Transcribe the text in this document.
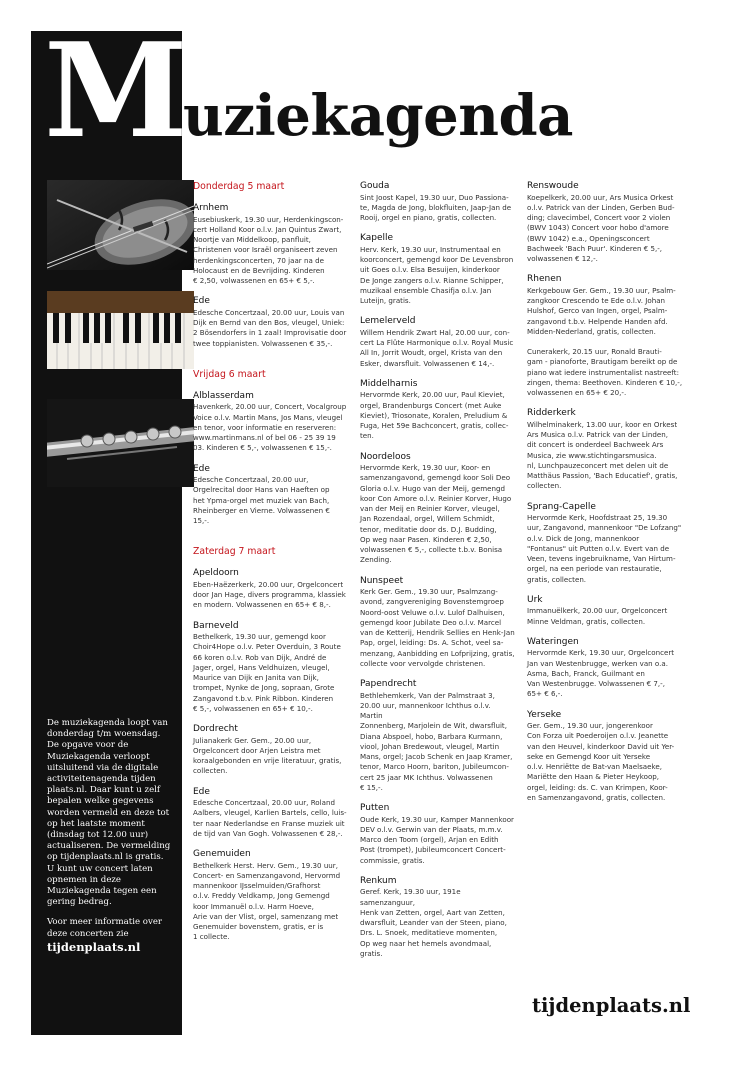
M
uziekagenda
Donderdag 5 maart
Arnhem

Eusebiuskerk, 19.30 uur, Herdenkingscon-
cert Holland Koor o.l.v. Jan Quintus Zwart,
Noortje van Middelkoop, panfluit,
Christenen voor Israël organiseert zeven
herdenkingsconcerten, 70 jaar na de
Holocaust en de Bevrijding. Kinderen
€ 2,50, volwassenen en 65+ € 5,-.

Ede

Edesche Concertzaal, 20.00 uur, Louis van
Dijk en Bernd van den Bos, vleugel, Uniek:
2 Bösendorfers in 1 zaal! Improvisatie door
twee toppianisten. Volwassenen € 35,-.

Vrijdag 6 maart
Alblasserdam

Havenkerk, 20.00 uur, Concert, Vocalgroup
Voice o.l.v. Martin Mans, Jos Mans, vleugel
en tenor, voor informatie en reserveren:
www.martinmans.nl of bel 06 - 25 39 19
03. Kinderen € 5,-, volwassenen € 15,-.

Ede

Edesche Concertzaal, 20.00 uur,
Orgelrecital door Hans van Haeften op
het Ypma-orgel met muziek van Bach,
Rheinberger en Vierne. Volwassenen € 15,-.

Zaterdag 7 maart
Apeldoorn

Eben-Haëzerkerk, 20.00 uur, Orgelconcert
door Jan Hage, divers programma, klassiek
en modern. Volwassenen en 65+ € 8,-.

Barneveld

Bethelkerk, 19.30 uur, gemengd koor
Choir4Hope o.l.v. Peter Overduin, 3 Route
66 koren o.l.v. Rob van Dijk, André de
Jager, orgel, Hans Veldhuizen, vleugel,
Maurice van Dijk en Janita van Dijk,
trompet, Nynke de Jong, sopraan, Grote
Zangavond t.b.v. Pink Ribbon. Kinderen
€ 5,-, volwassenen en 65+ € 10,-.

Dordrecht

Julianakerk Ger. Gem., 20.00 uur,
Orgelconcert door Arjen Leistra met
koraalgebonden en vrije literatuur, gratis,
collecten.

Ede

Edesche Concertzaal, 20.00 uur, Roland
Aalbers, vleugel, Karlien Bartels, cello, luis-
ter naar Nederlandse en Franse muziek uit
de tijd van Van Gogh. Volwassenen € 28,-.

Genemuiden

Bethelkerk Herst. Herv. Gem., 19.30 uur,
Concert- en Samenzangavond, Hervormd
mannenkoor IJsselmuiden/Grafhorst
o.l.v. Freddy Veldkamp, Jong Gemengd
koor Immanuël o.l.v. Harm Hoeve,
Arie van der Vlist, orgel, samenzang met
Genemuider bovenstem, gratis, er is
1 collecte.

Gouda

Sint Joost Kapel, 19.30 uur, Duo Passiona-
te, Magda de Jong, blokfluiten, Jaap-Jan de
Rooij, orgel en piano, gratis, collecten.

Kapelle

Herv. Kerk, 19.30 uur, Instrumentaal en
koorconcert, gemengd koor De Levensbron
uit Goes o.l.v. Elsa Besuijen, kinderkoor
De Jonge zangers o.l.v. Rianne Schipper,
muzikaal ensemble Chasifja o.l.v. Jan
Luteijn, gratis.

Lemelerveld

Willem Hendrik Zwart Hal, 20.00 uur, con-
cert La Flûte Harmonique o.l.v. Royal Music
All In, Jorrit Woudt, orgel, Krista van den
Esker, dwarsfluit. Volwassenen € 14,-.

Middelharnis

Hervormde Kerk, 20.00 uur, Paul Kieviet,
orgel, Brandenburgs Concert (met Auke
Kieviet), Triosonate, Koralen, Preludium &
Fuga, Het 59e Bachconcert, gratis, collec-
ten.

Noordeloos

Hervormde Kerk, 19.30 uur, Koor- en
samenzangavond, gemengd koor Soli Deo
Gloria o.l.v. Hugo van der Meij, gemengd
koor Con Amore o.l.v. Reinier Korver, Hugo
van der Meij en Reinier Korver, vleugel,
Jan Rozendaal, orgel, Willem Schmidt,
tenor, meditatie door ds. D.J. Budding,
Op weg naar Pasen. Kinderen € 2,50,
volwassenen € 5,-, collecte t.b.v. Bonisa
Zending.

Nunspeet

Kerk Ger. Gem., 19.30 uur, Psalmzang-
avond, zangvereniging Bovenstemgroep
Noord-oost Veluwe o.l.v. Lulof Dalhuisen,
gemengd koor Jubilate Deo o.l.v. Marcel
van de Ketterij, Hendrik Sellies en Henk-Jan
Pap, orgel, leiding: Ds. A. Schot, veel sa-
menzang, Aanbidding en Lofprijzing, gratis,
collecte voor vervolgde christenen.

Papendrecht

Bethlehemkerk, Van der Palmstraat 3,
20.00 uur, mannenkoor Ichthus o.l.v. Martin
Zonnenberg, Marjolein de Wit, dwarsfluit,
Diana Abspoel, hobo, Barbara Kurmann,
viool, Johan Bredewout, vleugel, Martin
Mans, orgel; Jacob Schenk en Jaap Kramer,
tenor, Marco Hoorn, bariton, Jubileumcon-
cert 25 jaar MK Ichthus. Volwassenen
€ 15,-.

Putten

Oude Kerk, 19.30 uur, Kamper Mannenkoor
DEV o.l.v. Gerwin van der Plaats, m.m.v.
Marco den Toom (orgel), Arjan en Edith
Post (trompet), Jubileumconcert Concert-
commissie, gratis.

Renkum

Geref. Kerk, 19.30 uur, 191e samenzanguur,
Henk van Zetten, orgel, Aart van Zetten,
dwarsfluit, Leander van der Steen, piano,
Drs. L. Snoek, meditatieve momenten,
Op weg naar het hemels avondmaal, gratis.

Renswoude

Koepelkerk, 20.00 uur, Ars Musica Orkest
o.l.v. Patrick van der Linden, Gerben Bud-
ding; clavecimbel, Concert voor 2 violen
(BWV 1043) Concert voor hobo d'amore
(BWV 1042) e.a., Openingsconcert
Bachweek 'Bach Puur'. Kinderen € 5,-,
volwassenen € 12,-.

Rhenen

Kerkgebouw Ger. Gem., 19.30 uur, Psalm-
zangkoor Crescendo te Ede o.l.v. Johan
Hulshof, Gerco van Ingen, orgel, Psalm-
zangavond t.b.v. Helpende Handen afd.
Midden-Nederland, gratis, collecten.

Cunerakerk, 20.15 uur, Ronald Brauti-
gam - pianoforte, Brautigam bereikt op de
piano wat iedere instrumentalist nastreeft:
zingen, thema: Beethoven. Kinderen € 10,-,
volwassenen en 65+ € 20,-.

Ridderkerk

Wilhelminakerk, 13.00 uur, koor en Orkest
Ars Musica o.l.v. Patrick van der Linden,
dit concert is onderdeel Bachweek Ars
Musica, zie www.stichtingarsmusica.
nl, Lunchpauzeconcert met delen uit de
Matthäus Passion, 'Bach Educatief', gratis,
collecten.

Sprang-Capelle

Hervormde Kerk, Hoofdstraat 25, 19.30
uur, Zangavond, mannenkoor "De Lofzang"
o.l.v. Dick de Jong, mannenkoor
"Fontanus" uit Putten o.l.v. Evert van de
Veen, tevens ingebruikname, Van Hirtum-
orgel, na een periode van restauratie,
gratis, collecten.

Urk

Immanuëlkerk, 20.00 uur, Orgelconcert
Minne Veldman, gratis, collecten.

Wateringen

Hervormde Kerk, 19.30 uur, Orgelconcert
Jan van Westenbrugge, werken van o.a.
Asma, Bach, Franck, Guilmant en
Van Westenbrugge. Volwassenen € 7,-,
65+ € 6,-.

Yerseke

Ger. Gem., 19.30 uur, jongerenkoor
Con Forza uit Poederoijen o.l.v. Jeanette
van den Heuvel, kinderkoor David uit Yer-
seke en Gemengd Koor uit Yerseke
o.l.v. Henriëtte de Bat-van Maelsaeke,
Mariëtte den Haan & Pieter Heykoop,
orgel, leiding: ds. C. van Krimpen, Koor-
en Samenzangavond, gratis, collecten.

De muziekagenda loopt van donderdag t/m woensdag. De opgave voor de Muziekagenda verloopt uitsluitend via de digitale activiteitenagenda tijden plaats.nl. Daar kunt u zelf bepalen welke gegevens worden vermeld en deze tot op het laatste moment (dinsdag tot 12.00 uur) actualiseren. De vermelding op tijdenplaats.nl is gratis. U kunt uw concert laten opnemen in deze Muziekagenda tegen een gering bedrag.

Voor meer informatie over deze concerten zie
tijdenplaats.nl

tijdenplaats.nl
